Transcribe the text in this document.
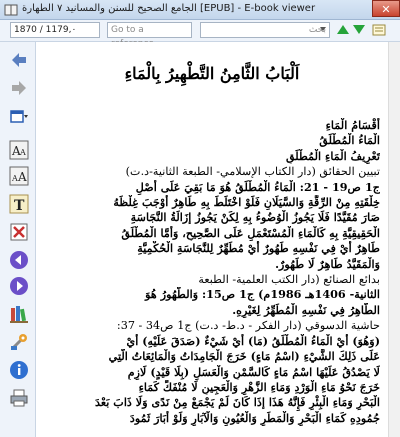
الجامع الصحيح للسنن والمسانيد ٧ الطهارة [EPUB] - E-book viewer	✕
1870 / 1179,٠	Go to a	بحث
A A
A A
T
اَلْبَابُ الثَّامِنُ التَّطْهِيرُ بِالْمَاءِ

أَقْسَامُ الْمَاءِ

الْمَاءُ الْمُطْلَقُ

تَعْرِيفُ الْمَاءِ الْمُطْلَقِ

تبيين الحقائق (دار الكتاب الإسلامي- الطبعة الثانية-د.ت)

ج1 ص19 - 21: الْمَاءُ الْمُطْلَقُ هُوَ مَا بَقِيَ عَلَى أَصْلِ

خِلْقَتِهِ مِنْ الرِّقَّةِ وَالسَّيَلَانِ فَلَوْ اخْتَلَطَ بِهِ طَاهِرٌ أَوْجَبَ غِلْظَهُ

صَارَ مُقَيَّدًا فَلَا يَجُوزُ الْوُضُوءُ بِهِ لِكَنْ يَجُوزُ إزَالَةُ النَّجَاسَةِ

الْحَقِيقِيَّةِ بِهِ كَالْمَاءِ الْمُسْتَعْمَلِ عَلَى الصَّحِيحِ، وَأَمَّا الْمُطْلَقُ

طَاهِرٌ أَيْ فِي نَفْسِهِ طَهُورٌ أَيْ مُطَهِّرٌ لِلنَّجَاسَةِ الْحُكْمِيَّةِ

وَالْمَقَيَّدُ طَاهِرٌ لَا طَهُورٌ.

بدائع الصنائع (دار الكتب العلمية- الطبعة

الثانية- 1406هـ 1986م) ج1 ص15: وَالطَّهُورُ هُوَ

الطَّاهِرُ فِي نَفْسِهِ الْمُطَهِّرُ لِغَيْرِهِ.

حاشية الدسوقي (دار الفكر - د.ط- د.ت) ج1 ص34 - 37:

(وَهُوَ) أَيْ الْمَاءُ الْمُطْلَقُ (مَا) أَيْ شَيْءٌ (صَدَقَ عَلَيْهِ) أَيْ

عَلَى ذَلِكَ الشَّيْءِ (اسْمُ مَاءٍ) خَرَجَ الْجَامِدَاتُ وَالْمَائِعَاتُ الَّتِي

لَا يَصْدُقُ عَلَيْهَا اسْمُ مَاءٍ كَالسَّمْنِ وَالْعَسَلِ (بِلَا قَيْدٍ) لَازِمٍ

خَرَجَ نَحْوُ مَاءِ الْوَرْدِ وَمَاءِ الزَّهْرِ وَالْعَجِينِ لَا مُنْفَكٍّ كَمَاءِ

الْبَحْرِ وَمَاءِ الْبِئْرِ فَإِنَّهُ هَذَا إذَا كَانَ لَمْ يَجْمَعْ مِنْ نَدًى وَلَا ذَابَ بَعْدَ

جُمُودِهِ كَمَاءِ الْبَحْرِ وَالْمَطَرِ وَالْعُيُونِ وَالْآبَارِ وَلَوْ أَبَارَ ثَمُودَ
